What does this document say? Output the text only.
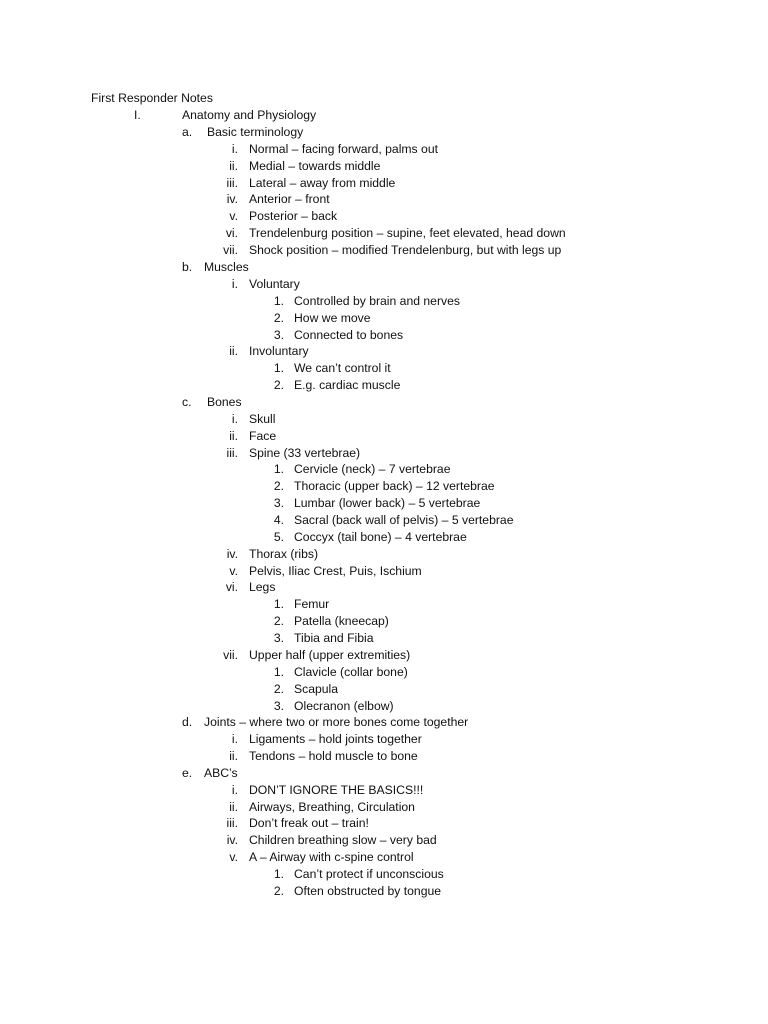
First Responder Notes
I.	Anatomy and Physiology
a.	Basic terminology
i. Normal – facing forward, palms out
ii. Medial – towards middle
iii. Lateral – away from middle
iv. Anterior – front
v. Posterior – back
vi. Trendelenburg position – supine, feet elevated, head down
vii. Shock position – modified Trendelenburg, but with legs up
b. Muscles
i. Voluntary
1. Controlled by brain and nerves
2. How we move
3. Connected to bones
ii. Involuntary
1. We can’t control it
2. E.g. cardiac muscle
c.	Bones
i. Skull
ii. Face
iii. Spine (33 vertebrae)
1. Cervicle (neck) – 7 vertebrae
2. Thoracic (upper back) – 12 vertebrae
3. Lumbar (lower back) – 5 vertebrae
4. Sacral (back wall of pelvis) – 5 vertebrae
5. Coccyx (tail bone) – 4 vertebrae
iv. Thorax (ribs)
v. Pelvis, Iliac Crest, Puis, Ischium
vi. Legs
1. Femur
2. Patella (kneecap)
3. Tibia and Fibia
vii. Upper half (upper extremities)
1. Clavicle (collar bone)
2. Scapula
3. Olecranon (elbow)
d. Joints – where two or more bones come together
i. Ligaments – hold joints together
ii. Tendons – hold muscle to bone
e. ABC’s
i. DON’T IGNORE THE BASICS!!!
ii. Airways, Breathing, Circulation
iii. Don’t freak out – train!
iv. Children breathing slow – very bad
v. A – Airway with c-spine control
1. Can’t protect if unconscious
2. Often obstructed by tongue
